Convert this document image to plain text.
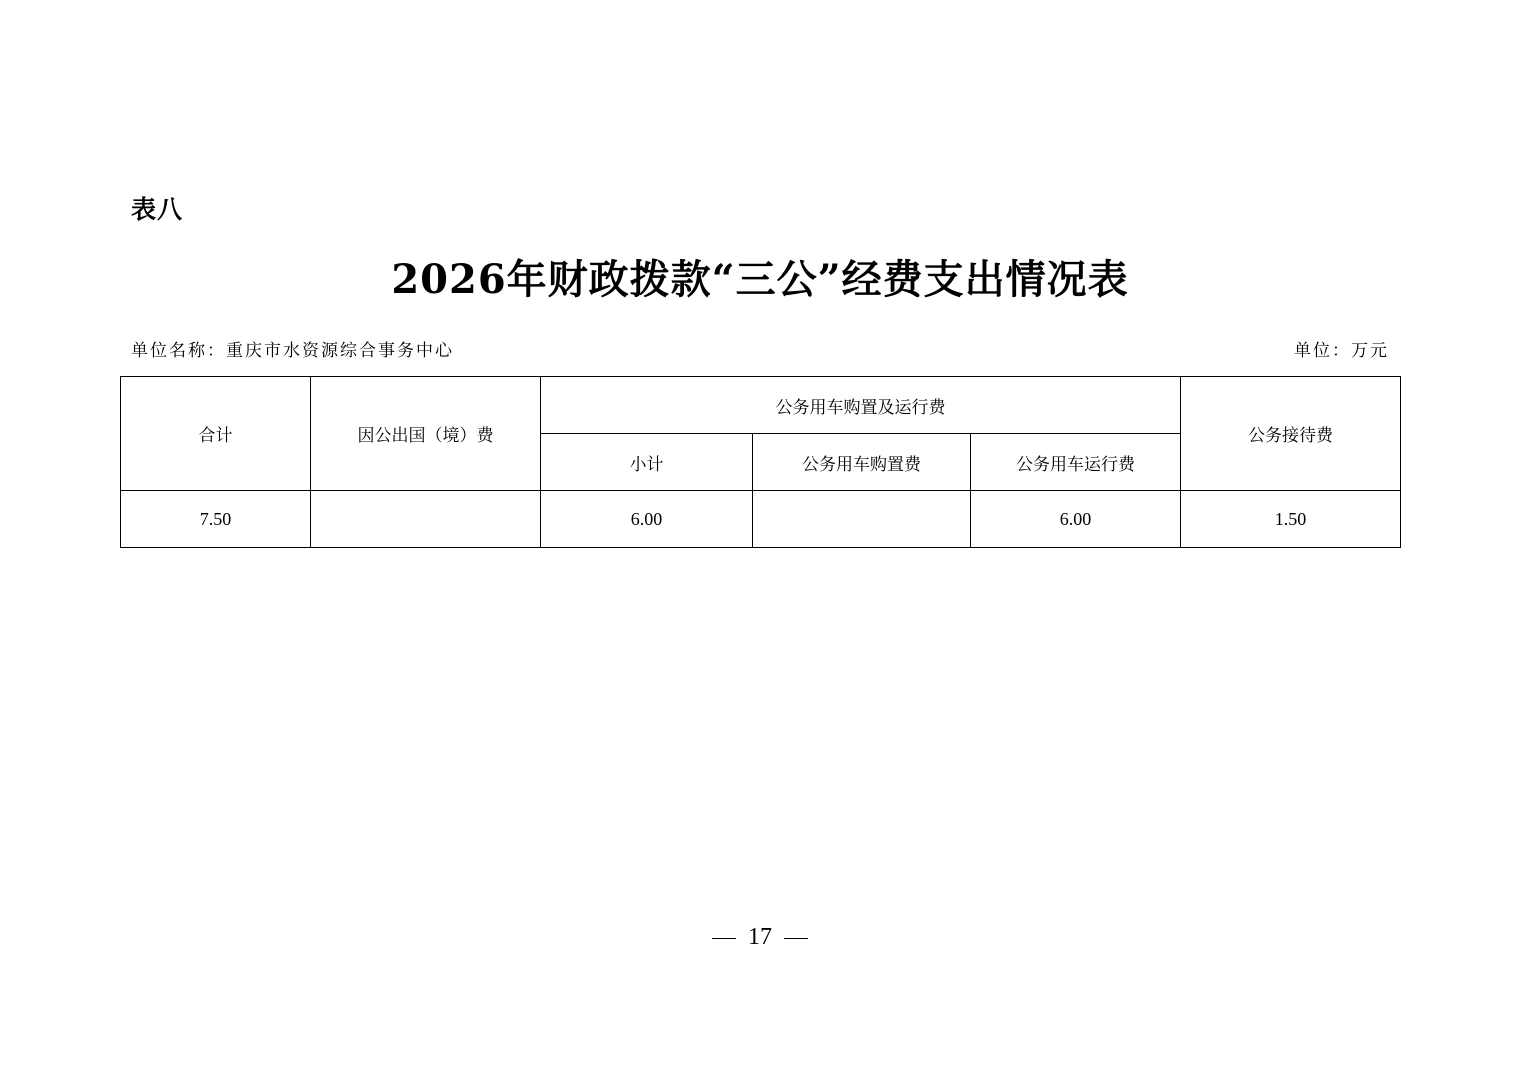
表八
2026年财政拨款“三公”经费支出情况表
单位名称：重庆市水资源综合事务中心	单位：万元
合计	因公出国（境）费	公务用车购置及运行费			公务接待费
		小计	公务用车购置费	公务用车运行费	
7.50		6.00		6.00	1.50
17
